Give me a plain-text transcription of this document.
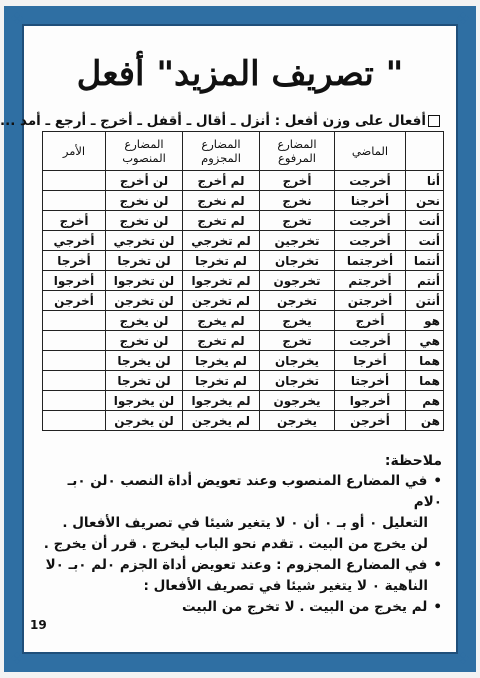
❖	❖
❖	❖
تصريف المزيد" أفعل "
أفعال على وزن أفعل : أنزل ـ أقال ـ أقفل ـ أخرج ـ أرجع ـ أمد ...
	الماضي	المضارع المرفوع	المضارع المجزوم	المضارع المنصوب	الأمر
أنا	أخرجت	أخرج	لم أخرج	لن أخرج	
نحن	أخرجنا	نخرج	لم نخرج	لن نخرج	
أنت	أخرجت	تخرج	لم تخرج	لن تخرج	أخرج
أنت	أخرجت	تخرجين	لم تخرجي	لن تخرجي	أخرجي
أنتما	أخرجتما	تخرجان	لم تخرجا	لن تخرجا	أخرجا
أنتم	أخرجتم	تخرجون	لم تخرجوا	لن تخرجوا	أخرجوا
أنتن	أخرجتن	تخرجن	لم تخرجن	لن تخرجن	أخرجن
هو	أخرج	يخرج	لم يخرج	لن يخرج	
هي	أخرجت	تخرج	لم تخرج	لن تخرج	
هما	أخرجا	يخرجان	لم يخرجا	لن يخرجا	
هما	أخرجتا	تخرجان	لم تخرجا	لن تخرجا	
هم	أخرجوا	يخرجون	لم يخرجوا	لن يخرجوا	
هن	أخرجن	يخرجن	لم يخرجن	لن يخرجن	
ملاحظة:
•في المضارع المنصوب وعند تعويض أداة النصب ٠لن ٠بـ ٠لام
التعليل ٠ أو بـ ٠ أن ٠ لا يتغير شيئا في تصريف الأفعال .
لن يخرج من البيت . تقدم نحو الباب ليخرج . قرر أن يخرج .
•في المضارع المجزوم : وعند تعويض أداة الجزم ٠لم ٠بـ ٠لا
الناهية ٠ لا يتغير شيئا في تصريف الأفعال :
•لم يخرج من البيت . لا تخرج من البيت
19
